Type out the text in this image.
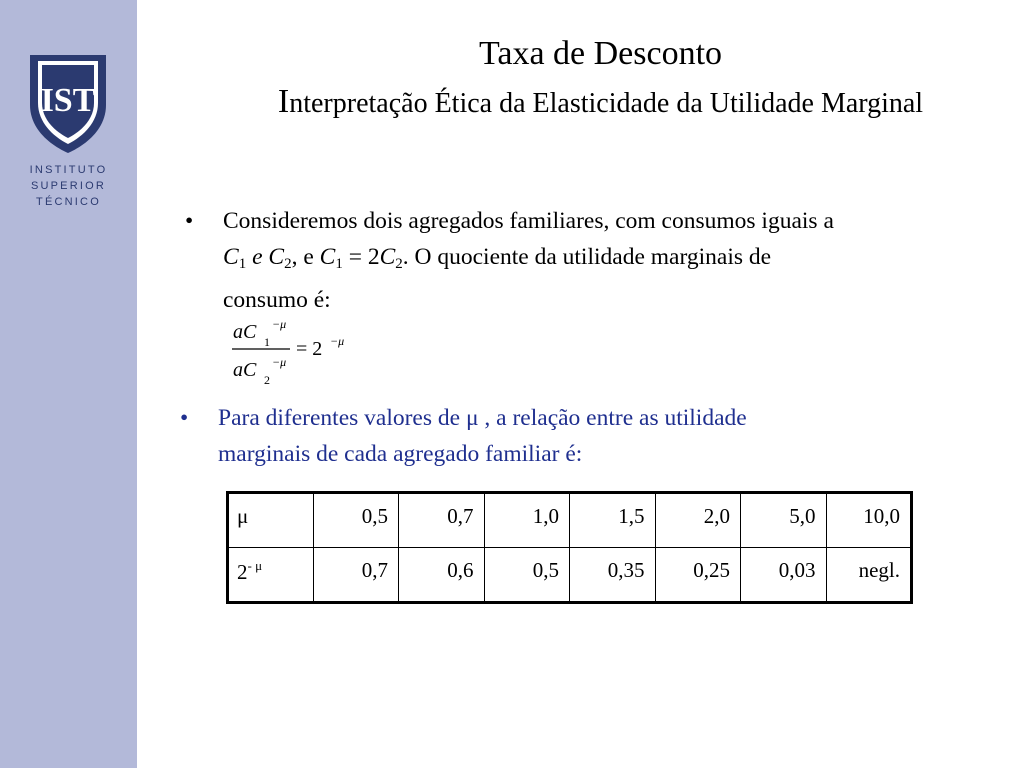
IST
INSTITUTO
SUPERIOR
TÉCNICO
Taxa de Desconto
Interpretação Ética da Elasticidade da Utilidade Marginal
• Consideremos dois agregados familiares, com consumos iguais a
$C_1$ e $C_2$, e $C_1 = 2C_2$. O quociente da utilidade marginais de
consumo é:
aC 1
−μ
aC 2
−μ
= 2 −μ
• Para diferentes valores de μ , a relação entre as utilidade
marginais de cada agregado familiar é:
μ	0,5	0,7	1,0	1,5	2,0	5,0	10,0
$2^{- \mu}$	0,7	0,6	0,5	0,35	0,25	0,03	negl.
